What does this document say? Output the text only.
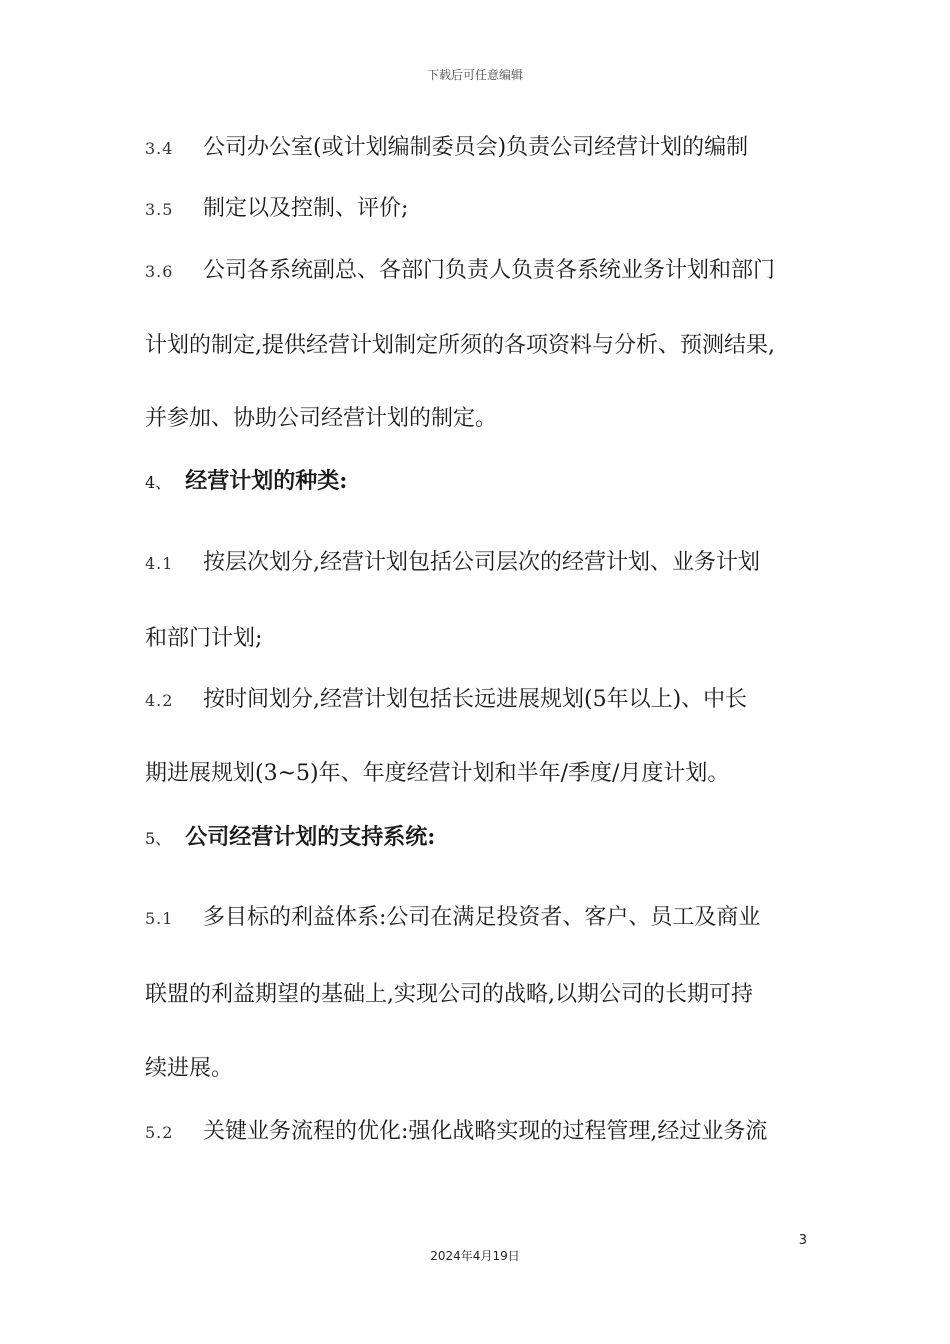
下载后可任意编辑
3.4 公司办公室(或计划编制委员会)负责公司经营计划的编制
3.5 制定以及控制、评价;
3.6 公司各系统副总、各部门负责人负责各系统业务计划和部门
计划的制定,提供经营计划制定所须的各项资料与分析、预测结果,
并参加、协助公司经营计划的制定。
4、 经营计划的种类:
4.1 按层次划分,经营计划包括公司层次的经营计划、业务计划
和部门计划;
4.2 按时间划分,经营计划包括长远进展规划(5年以上)、中长
期进展规划(3~5)年、年度经营计划和半年/季度/月度计划。
5、 公司经营计划的支持系统:
5.1 多目标的利益体系:公司在满足投资者、客户、员工及商业
联盟的利益期望的基础上,实现公司的战略,以期公司的长期可持
续进展。
5.2 关键业务流程的优化:强化战略实现的过程管理,经过业务流
3
2024年4月19日
